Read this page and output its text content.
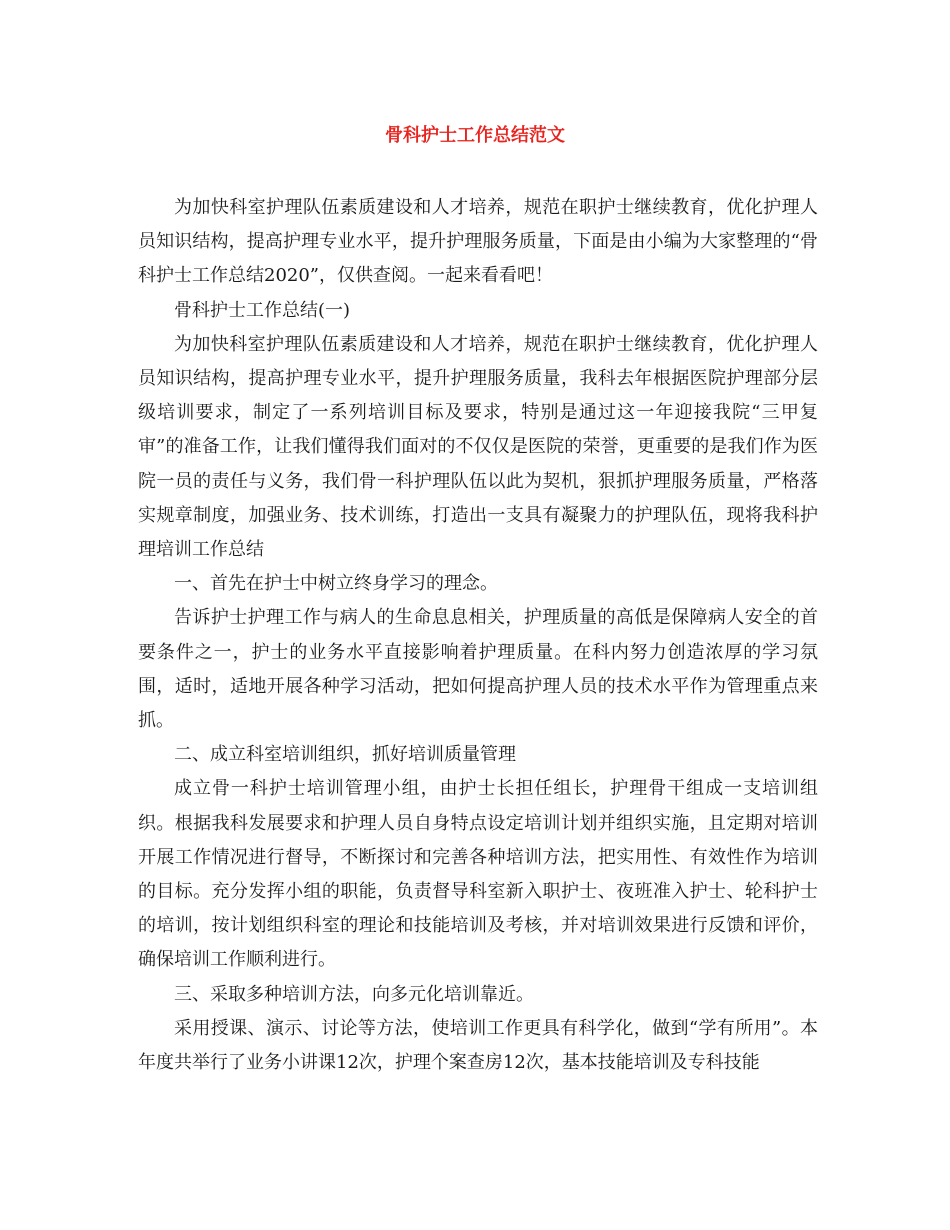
骨科护士工作总结范文

为加快科室护理队伍素质建设和人才培养，规范在职护士继续教育，优化护理人员知识结构，提高护理专业水平，提升护理服务质量，下面是由小编为大家整理的“骨科护士工作总结2020”，仅供查阅。一起来看看吧！

骨科护士工作总结(一)

为加快科室护理队伍素质建设和人才培养，规范在职护士继续教育，优化护理人员知识结构，提高护理专业水平，提升护理服务质量，我科去年根据医院护理部分层级培训要求，制定了一系列培训目标及要求，特别是通过这一年迎接我院“三甲复审”的准备工作，让我们懂得我们面对的不仅仅是医院的荣誉，更重要的是我们作为医院一员的责任与义务，我们骨一科护理队伍以此为契机，狠抓护理服务质量，严格落实规章制度，加强业务、技术训练，打造出一支具有凝聚力的护理队伍，现将我科护理培训工作总结

一、首先在护士中树立终身学习的理念。

告诉护士护理工作与病人的生命息息相关，护理质量的高低是保障病人安全的首要条件之一，护士的业务水平直接影响着护理质量。在科内努力创造浓厚的学习氛围，适时，适地开展各种学习活动，把如何提高护理人员的技术水平作为管理重点来抓。

二、成立科室培训组织，抓好培训质量管理

成立骨一科护士培训管理小组，由护士长担任组长，护理骨干组成一支培训组织。根据我科发展要求和护理人员自身特点设定培训计划并组织实施，且定期对培训开展工作情况进行督导，不断探讨和完善各种培训方法，把实用性、有效性作为培训的目标。充分发挥小组的职能，负责督导科室新入职护士、夜班准入护士、轮科护士的培训，按计划组织科室的理论和技能培训及考核，并对培训效果进行反馈和评价，确保培训工作顺利进行。

三、采取多种培训方法，向多元化培训靠近。

采用授课、演示、讨论等方法，使培训工作更具有科学化，做到“学有所用”。本年度共举行了业务小讲课12次，护理个案查房12次，基本技能培训及专科技能
